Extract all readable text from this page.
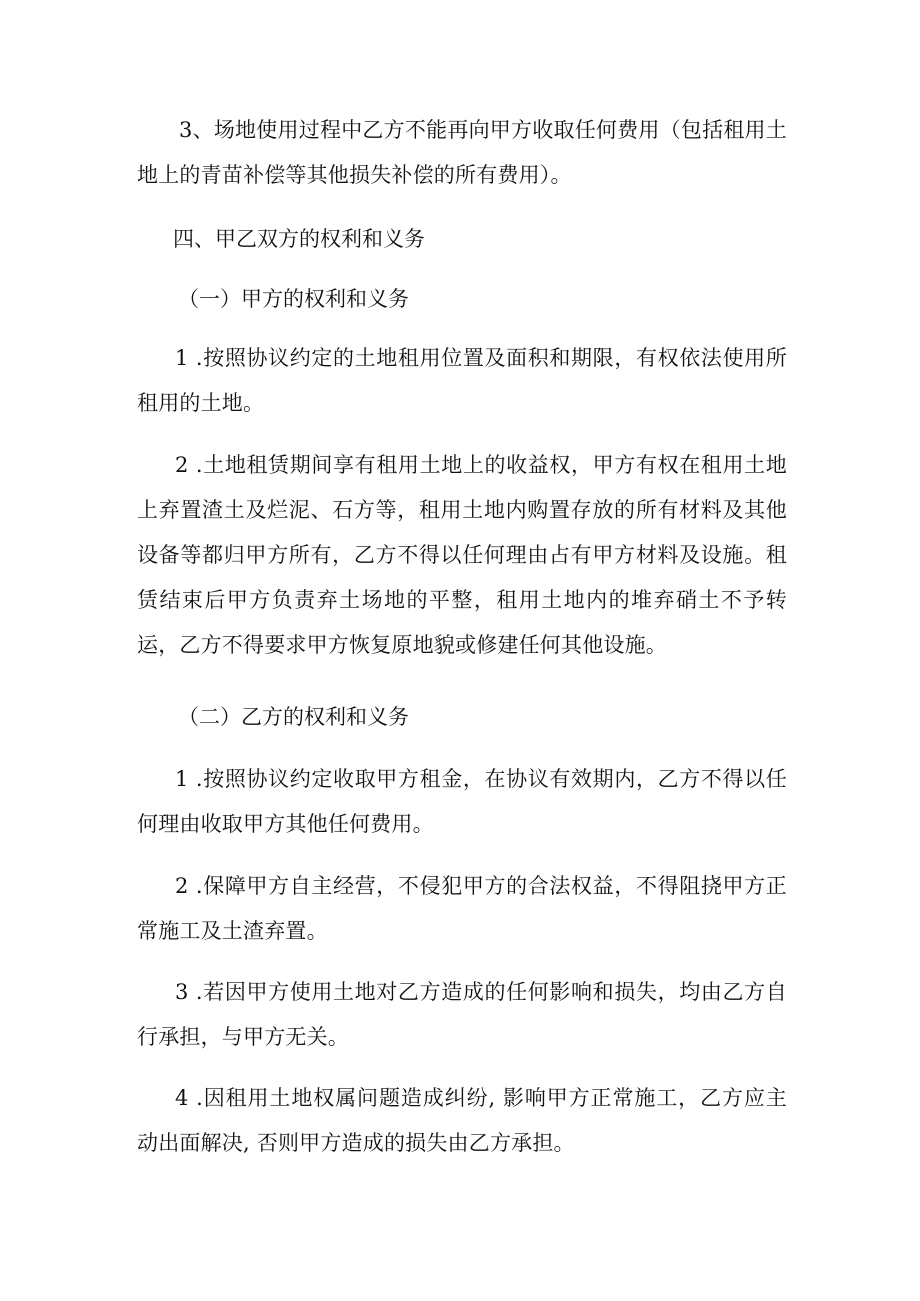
3、场地使用过程中乙方不能再向甲方收取任何费用（包括租用土地上的青苗补偿等其他损失补偿的所有费用）。

四、甲乙双方的权利和义务

（一）甲方的权利和义务

1 .按照协议约定的土地租用位置及面积和期限，有权依法使用所租用的土地。

2 .土地租赁期间享有租用土地上的收益权，甲方有权在租用土地上弃置渣土及烂泥、石方等，租用土地内购置存放的所有材料及其他设备等都归甲方所有，乙方不得以任何理由占有甲方材料及设施。租赁结束后甲方负责弃土场地的平整，租用土地内的堆弃硝土不予转运，乙方不得要求甲方恢复原地貌或修建任何其他设施。

（二）乙方的权利和义务

1 .按照协议约定收取甲方租金，在协议有效期内，乙方不得以任何理由收取甲方其他任何费用。

2 .保障甲方自主经营，不侵犯甲方的合法权益，不得阻挠甲方正常施工及土渣弃置。

3 .若因甲方使用土地对乙方造成的任何影响和损失，均由乙方自行承担，与甲方无关。

4 .因租用土地权属问题造成纠纷, 影响甲方正常施工，乙方应主动出面解决, 否则甲方造成的损失由乙方承担。
